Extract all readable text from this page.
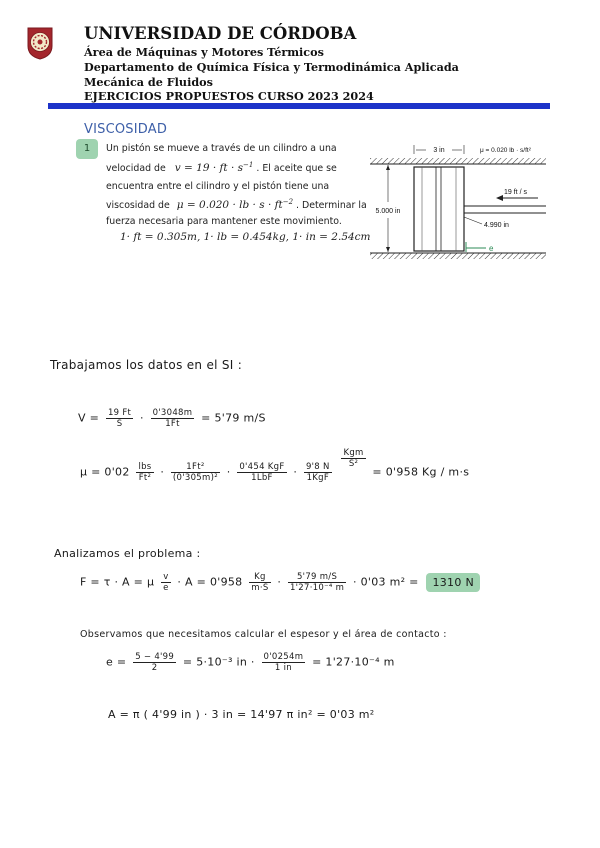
UNIVERSIDAD DE CÓRDOBA
Área de Máquinas y Motores Térmicos
Departamento de Química Física y Termodinámica Aplicada
Mecánica de Fluidos
EJERCICIOS PROPUESTOS CURSO 2023 2024
VISCOSIDAD
1	Un pistón se mueve a través de un cilindro a una
velocidad de v = 19 · ft · $s^{-1}$ . El aceite que se
encuentra entre el cilindro y el pistón tiene una
viscosidad de μ = 0.020 · lb · $s \cdot ft^{-2}$ . Determinar la
fuerza necesaria para mantener este movimiento.
1· ft = 0.305m, 1· lb = 0.454kg, 1· in = 2.54cm
3 in	μ = 0.020 lb · s/ft²
19 ft / s
4.990 in
5.000 in
e
Trabajamos los datos en el SI :
$V = \frac{19 Ft}{S} \cdot \frac{0'3048m}{1Ft} = 5'79$ m/S
$\mu = 0'02 \frac{\text{lbs}}{\text{Ft²}} \cdot \frac{\text{1Ft²}}{\text{(0'305m)²}} \cdot \frac{\text{0'454 KgF}}{\text{1LbF}} \cdot \frac{9'8 N}{\text{1KgF}}$

$\frac{\text{Kgm}}{\text{S²}}$
= 0'958 Kg / m·s
Analizamos el problema :
F = τ · A = μ $\frac{v}{e} \cdot A = 0'958 \frac{Kg}{m\cdot S} \cdot \frac{5'79 m/S}{\text{1'27·10⁻⁴ m}} \cdot 0'03$ m² = 1310 N
Observamos que necesitamos calcular el espesor y el área de contacto :
$e = \frac{5 - 4'99}{2} = 5\cdot 10^{-3}$ in · $\frac{0'0254m}{1 in} = 1'27\cdot 10^{-4}$ m
A = π ( 4'99 in ) · 3 in = 14'97 π in² = 0'03 m²
